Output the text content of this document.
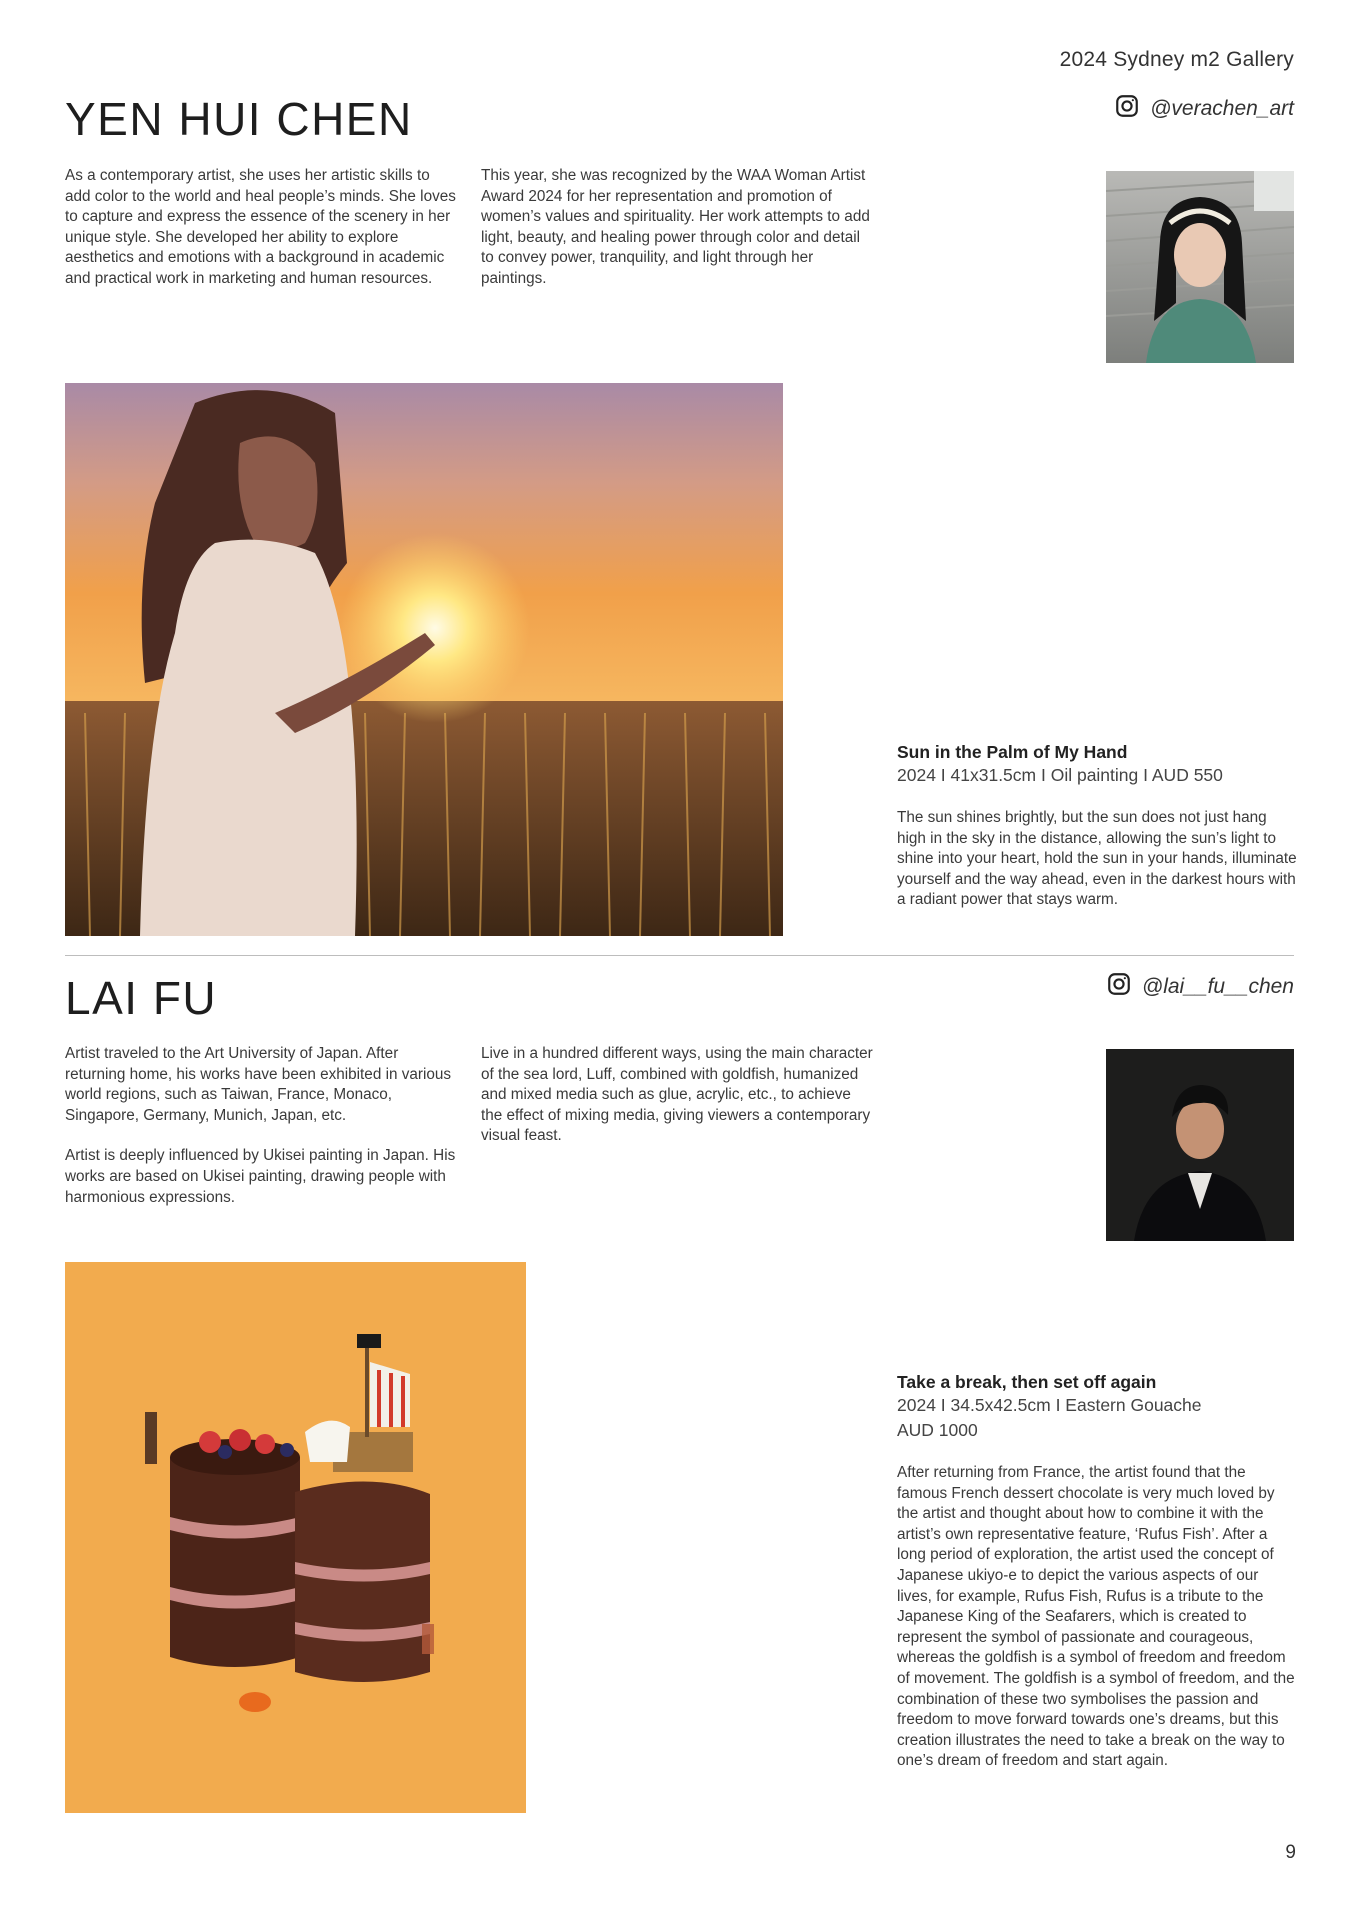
2024 Sydney m2 Gallery
YEN HUI CHEN	@verachen_art
As a contemporary artist, she uses her artistic skills to add color to the world and heal people’s minds. She loves to capture and express the essence of the scenery in her unique style. She developed her ability to explore aesthetics and emotions with a background in academic and practical work in marketing and human resources.
This year, she was recognized by the WAA Woman Artist Award 2024 for her representation and promotion of women’s values and spirituality. Her work attempts to add light, beauty, and healing power through color and detail to convey power, tranquility, and light through her paintings.

Sun in the Palm of My Hand

2024 I 41x31.5cm I Oil painting I AUD 550

The sun shines brightly, but the sun does not just hang high in the sky in the distance, allowing the sun’s light to shine into your heart, hold the sun in your hands, illuminate yourself and the way ahead, even in the darkest hours with a radiant power that stays warm.

LAI FU	@lai__fu__chen

Artist traveled to the Art University of Japan. After returning home, his works have been exhibited in various world regions, such as Taiwan, France, Monaco, Singapore, Germany, Munich, Japan, etc.

Artist is deeply influenced by Ukisei painting in Japan. His works are based on Ukisei painting, drawing people with harmonious expressions.

Live in a hundred different ways, using the main character of the sea lord, Luff, combined with goldfish, humanized and mixed media such as glue, acrylic, etc., to achieve the effect of mixing media, giving viewers a contemporary visual feast.

Take a break, then set off again

2024 I 34.5x42.5cm I Eastern Gouache

AUD 1000

After returning from France, the artist found that the famous French dessert chocolate is very much loved by the artist and thought about how to combine it with the artist’s own representative feature, ‘Rufus Fish’. After a long period of exploration, the artist used the concept of Japanese ukiyo-e to depict the various aspects of our lives, for example, Rufus Fish, Rufus is a tribute to the Japanese King of the Seafarers, which is created to represent the symbol of passionate and courageous, whereas the goldfish is a symbol of freedom and freedom of movement. The goldfish is a symbol of freedom, and the combination of these two symbolises the passion and freedom to move forward towards one’s dreams, but this creation illustrates the need to take a break on the way to one’s dream of freedom and start again.

9
